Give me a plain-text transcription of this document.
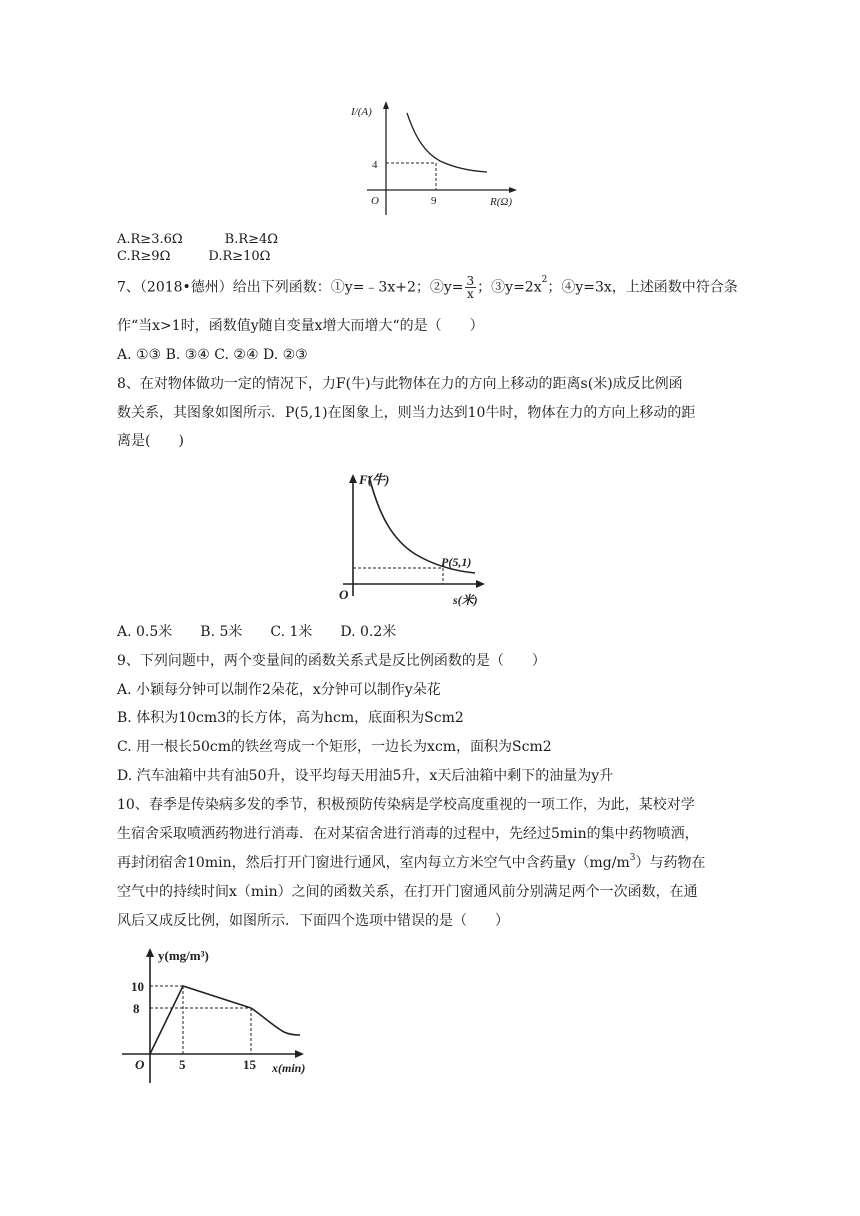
I/(A)
4
O	9	R(Ω)
A.R≥3.6Ω	B.R≥4Ω
C.R≥9Ω	D.R≥10Ω
7、（2018•德州）给出下列函数：①y=﹣3x+2；②y= $\frac{3}{x}$ ；$③y=2x^2$；④y=3x，上述函数中符合条
作“当x>1时，函数值y随自变量x增大而增大“的是（　　）
A. ①③ B. ③④ C. ②④ D. ②③
8、在对物体做功一定的情况下，力F(牛)与此物体在力的方向上移动的距离s(米)成反比例函
数关系，其图象如图所示．P(5,1)在图象上，则当力达到10牛时，物体在力的方向上移动的距
离是(　　)
F(牛)
P(5,1)
O	s(米)
A. 0.5米　　B. 5米　　C. 1米　　D. 0.2米
9、下列问题中，两个变量间的函数关系式是反比例函数的是（　　）
A. 小颖每分钟可以制作2朵花，x分钟可以制作y朵花
B. 体积为10cm3的长方体，高为hcm，底面积为Scm2
C. 用一根长50cm的铁丝弯成一个矩形，一边长为xcm，面积为Scm2
D. 汽车油箱中共有油50升，设平均每天用油5升，x天后油箱中剩下的油量为y升
10、春季是传染病多发的季节，积极预防传染病是学校高度重视的一项工作，为此，某校对学
生宿舍采取喷洒药物进行消毒．在对某宿舍进行消毒的过程中，先经过5min的集中药物喷洒，
再封闭宿舍10min，然后打开门窗进行通风，室内每立方米空气中含药量$y(mg/m^3)$与药物在
空气中的持续时间x（min）之间的函数关系，在打开门窗通风前分别满足两个一次函数，在通
风后又成反比例，如图所示．下面四个选项中错误的是（　　）
y(mg/m³)
10
8
O	5	15 x(min)
